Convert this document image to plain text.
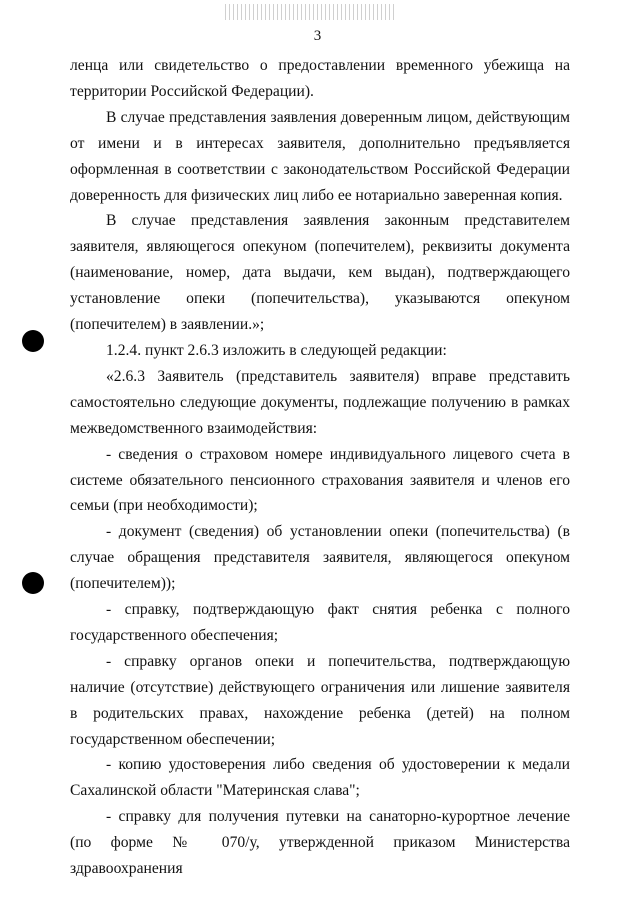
3

ленца или свидетельство о предоставлении временного убежища на территории Российской Федерации).

В случае представления заявления доверенным лицом, действующим от имени и в интересах заявителя, дополнительно предъявляется оформленная в соответствии с законодательством Российской Федерации доверенность для физических лиц либо ее нотариально заверенная копия.

В случае представления заявления законным представителем заявителя, являющегося опекуном (попечителем), реквизиты документа (наименование, номер, дата выдачи, кем выдан), подтверждающего установление опеки (попечительства), указываются опекуном (попечителем) в заявлении.»;

1.2.4. пункт 2.6.3 изложить в следующей редакции:

«2.6.3 Заявитель (представитель заявителя) вправе представить самостоятельно следующие документы, подлежащие получению в рамках межведомственного взаимодействия:

- сведения о страховом номере индивидуального лицевого счета в системе обязательного пенсионного страхования заявителя и членов его семьи (при необходимости);

- документ (сведения) об установлении опеки (попечительства) (в случае обращения представителя заявителя, являющегося опекуном (попечителем));

- справку, подтверждающую факт снятия ребенка с полного государственного обеспечения;

- справку органов опеки и попечительства, подтверждающую наличие (отсутствие) действующего ограничения или лишение заявителя в родительских правах, нахождение ребенка (детей) на полном государственном обеспечении;

- копию удостоверения либо сведения об удостоверении к медали Сахалинской области "Материнская слава";

- справку для получения путевки на санаторно-курортное лечение (по форме № 070/у, утвержденной приказом Министерства здравоохранения
